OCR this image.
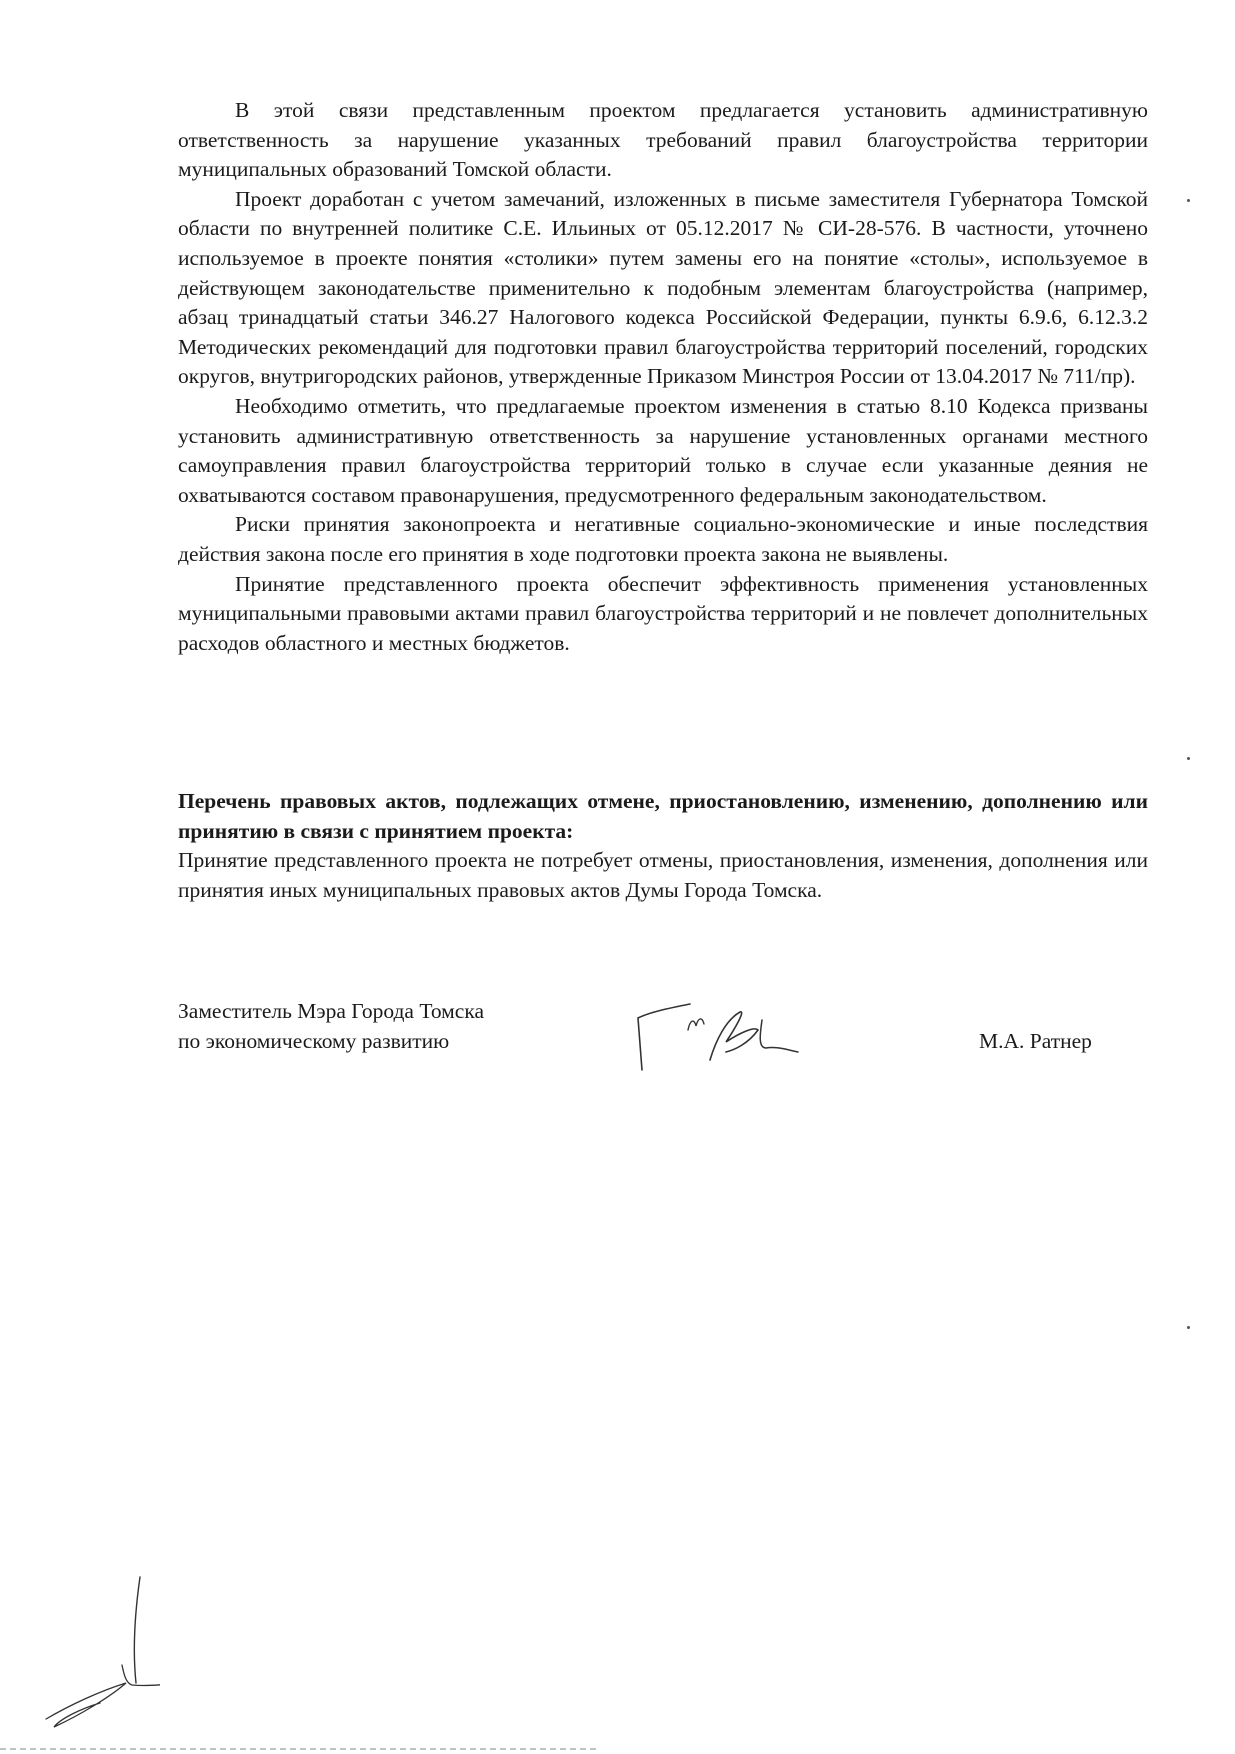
В этой связи представленным проектом предлагается установить административную ответственность за нарушение указанных требований правил благоустройства территории муниципальных образований Томской области.

Проект доработан с учетом замечаний, изложенных в письме заместителя Губернатора Томской области по внутренней политике С.Е. Ильиных от 05.12.2017 № СИ-28-576. В частности, уточнено используемое в проекте понятия «столики» путем замены его на понятие «столы», используемое в действующем законодательстве применительно к подобным элементам благоустройства (например, абзац тринадцатый статьи 346.27 Налогового кодекса Российской Федерации, пункты 6.9.6, 6.12.3.2 Методических рекомендаций для подготовки правил благоустройства территорий поселений, городских округов, внутригородских районов, утвержденные Приказом Минстроя России от 13.04.2017 № 711/пр).

Необходимо отметить, что предлагаемые проектом изменения в статью 8.10 Кодекса призваны установить административную ответственность за нарушение установленных органами местного самоуправления правил благоустройства территорий только в случае если указанные деяния не охватываются составом правонарушения, предусмотренного федеральным законодательством.

Риски принятия законопроекта и негативные социально-экономические и иные последствия действия закона после его принятия в ходе подготовки проекта закона не выявлены.

Принятие представленного проекта обеспечит эффективность применения установленных муниципальными правовыми актами правил благоустройства территорий и не повлечет дополнительных расходов областного и местных бюджетов.

Перечень правовых актов, подлежащих отмене, приостановлению, изменению, дополнению или принятию в связи с принятием проекта:

Принятие представленного проекта не потребует отмены, приостановления, изменения, дополнения или принятия иных муниципальных правовых актов Думы Города Томска.

Заместитель Мэра Города Томска
по экономическому развитию	М.А. Ратнер
